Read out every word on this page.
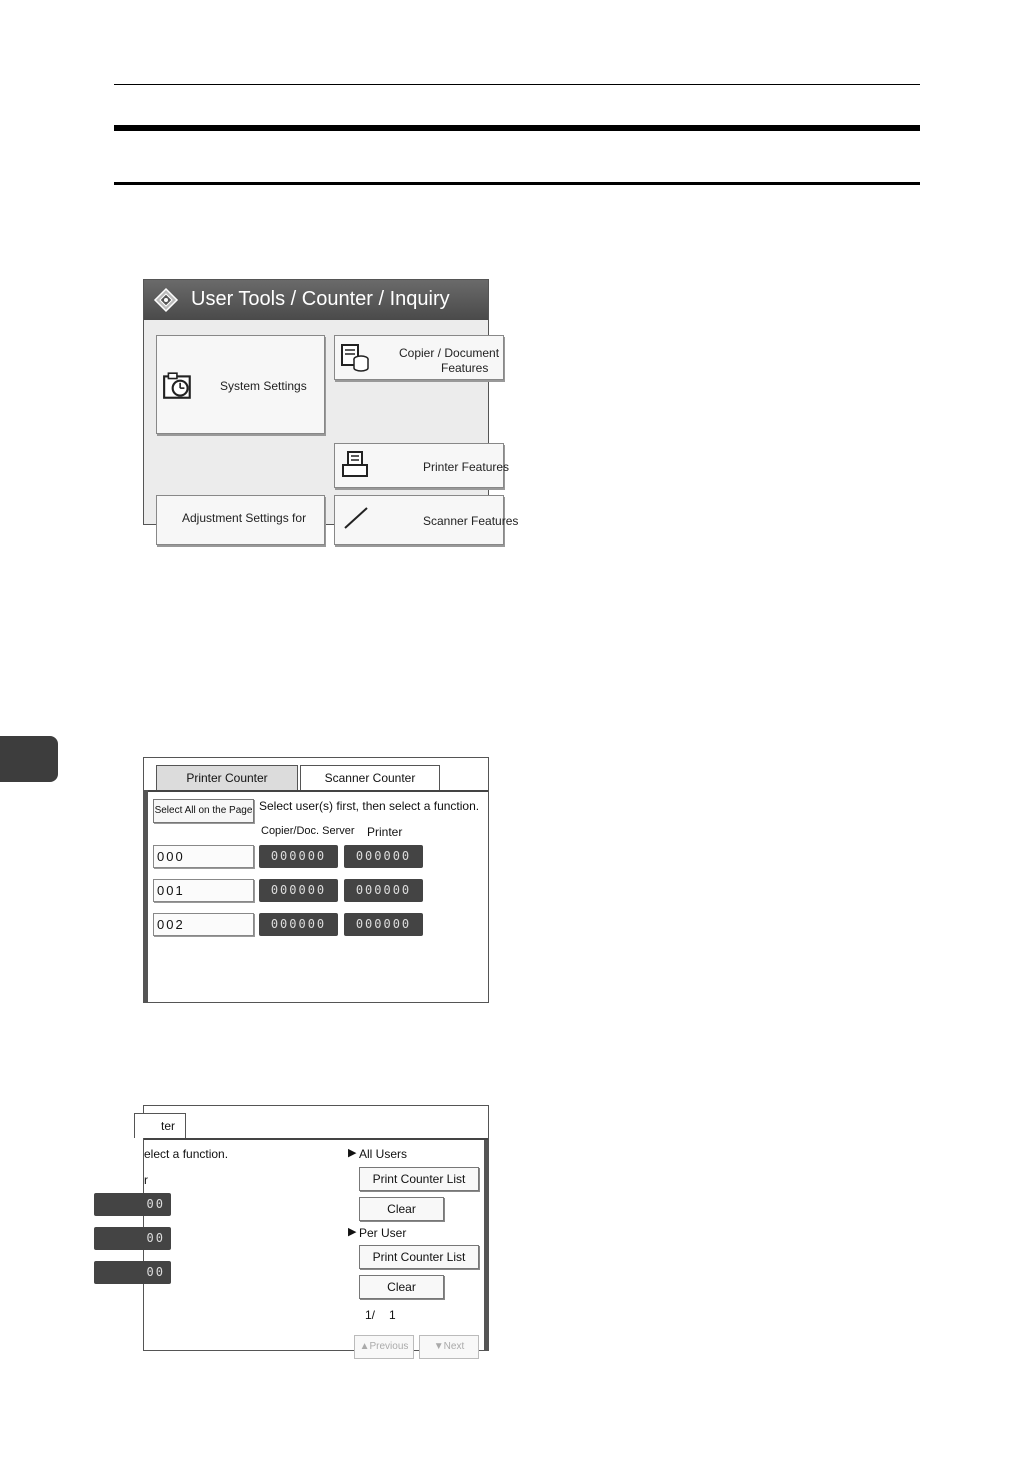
User Tools / Counter / Inquiry
System Settings
Copier / Document
Features
Printer Features
Adjustment Settings for	Scanner Features
Printer Counter	Scanner Counter
Select All on the Page Select user(s) first, then select a function.
Copier/Doc. Server Printer
000	000000	000000
001	000000	000000
002	000000	000000
ter
elect a function.
r
00
00
00
▶ All Users
Print Counter List
Clear
▶ Per User
Print Counter List
Clear
1/ 1
▲Previous	▼Next
